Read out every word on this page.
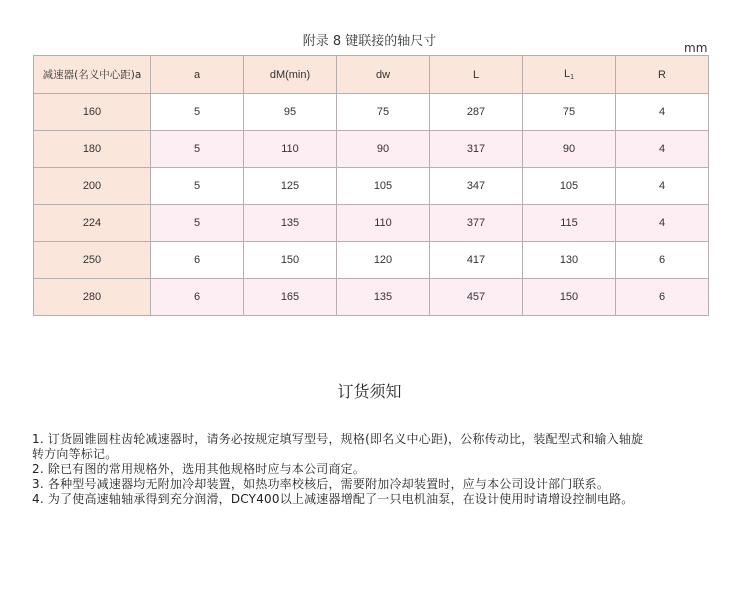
附录 8 键联接的轴尺寸	mm
减速器(名义中心距)a	a	dM(min)	dw	L	$L_1$	R
160	5	95	75	287	75	4
180	5	110	90	317	90	4
200	5	125	105	347	105	4
224	5	135	110	377	115	4
250	6	150	120	417	130	6
280	6	165	135	457	150	6
订货须知

1. 订货圆锥圆柱齿轮减速器时，请务必按规定填写型号，规格(即名义中心距)，公称传动比，装配型式和输入轴旋

转方向等标记。

2. 除已有图的常用规格外，选用其他规格时应与本公司商定。

3. 各种型号减速器均无附加冷却装置，如热功率校核后，需要附加冷却装置时，应与本公司设计部门联系。

4. 为了使高速轴轴承得到充分润滑，DCY400以上减速器增配了一只电机油泵，在设计使用时请增设控制电路。
